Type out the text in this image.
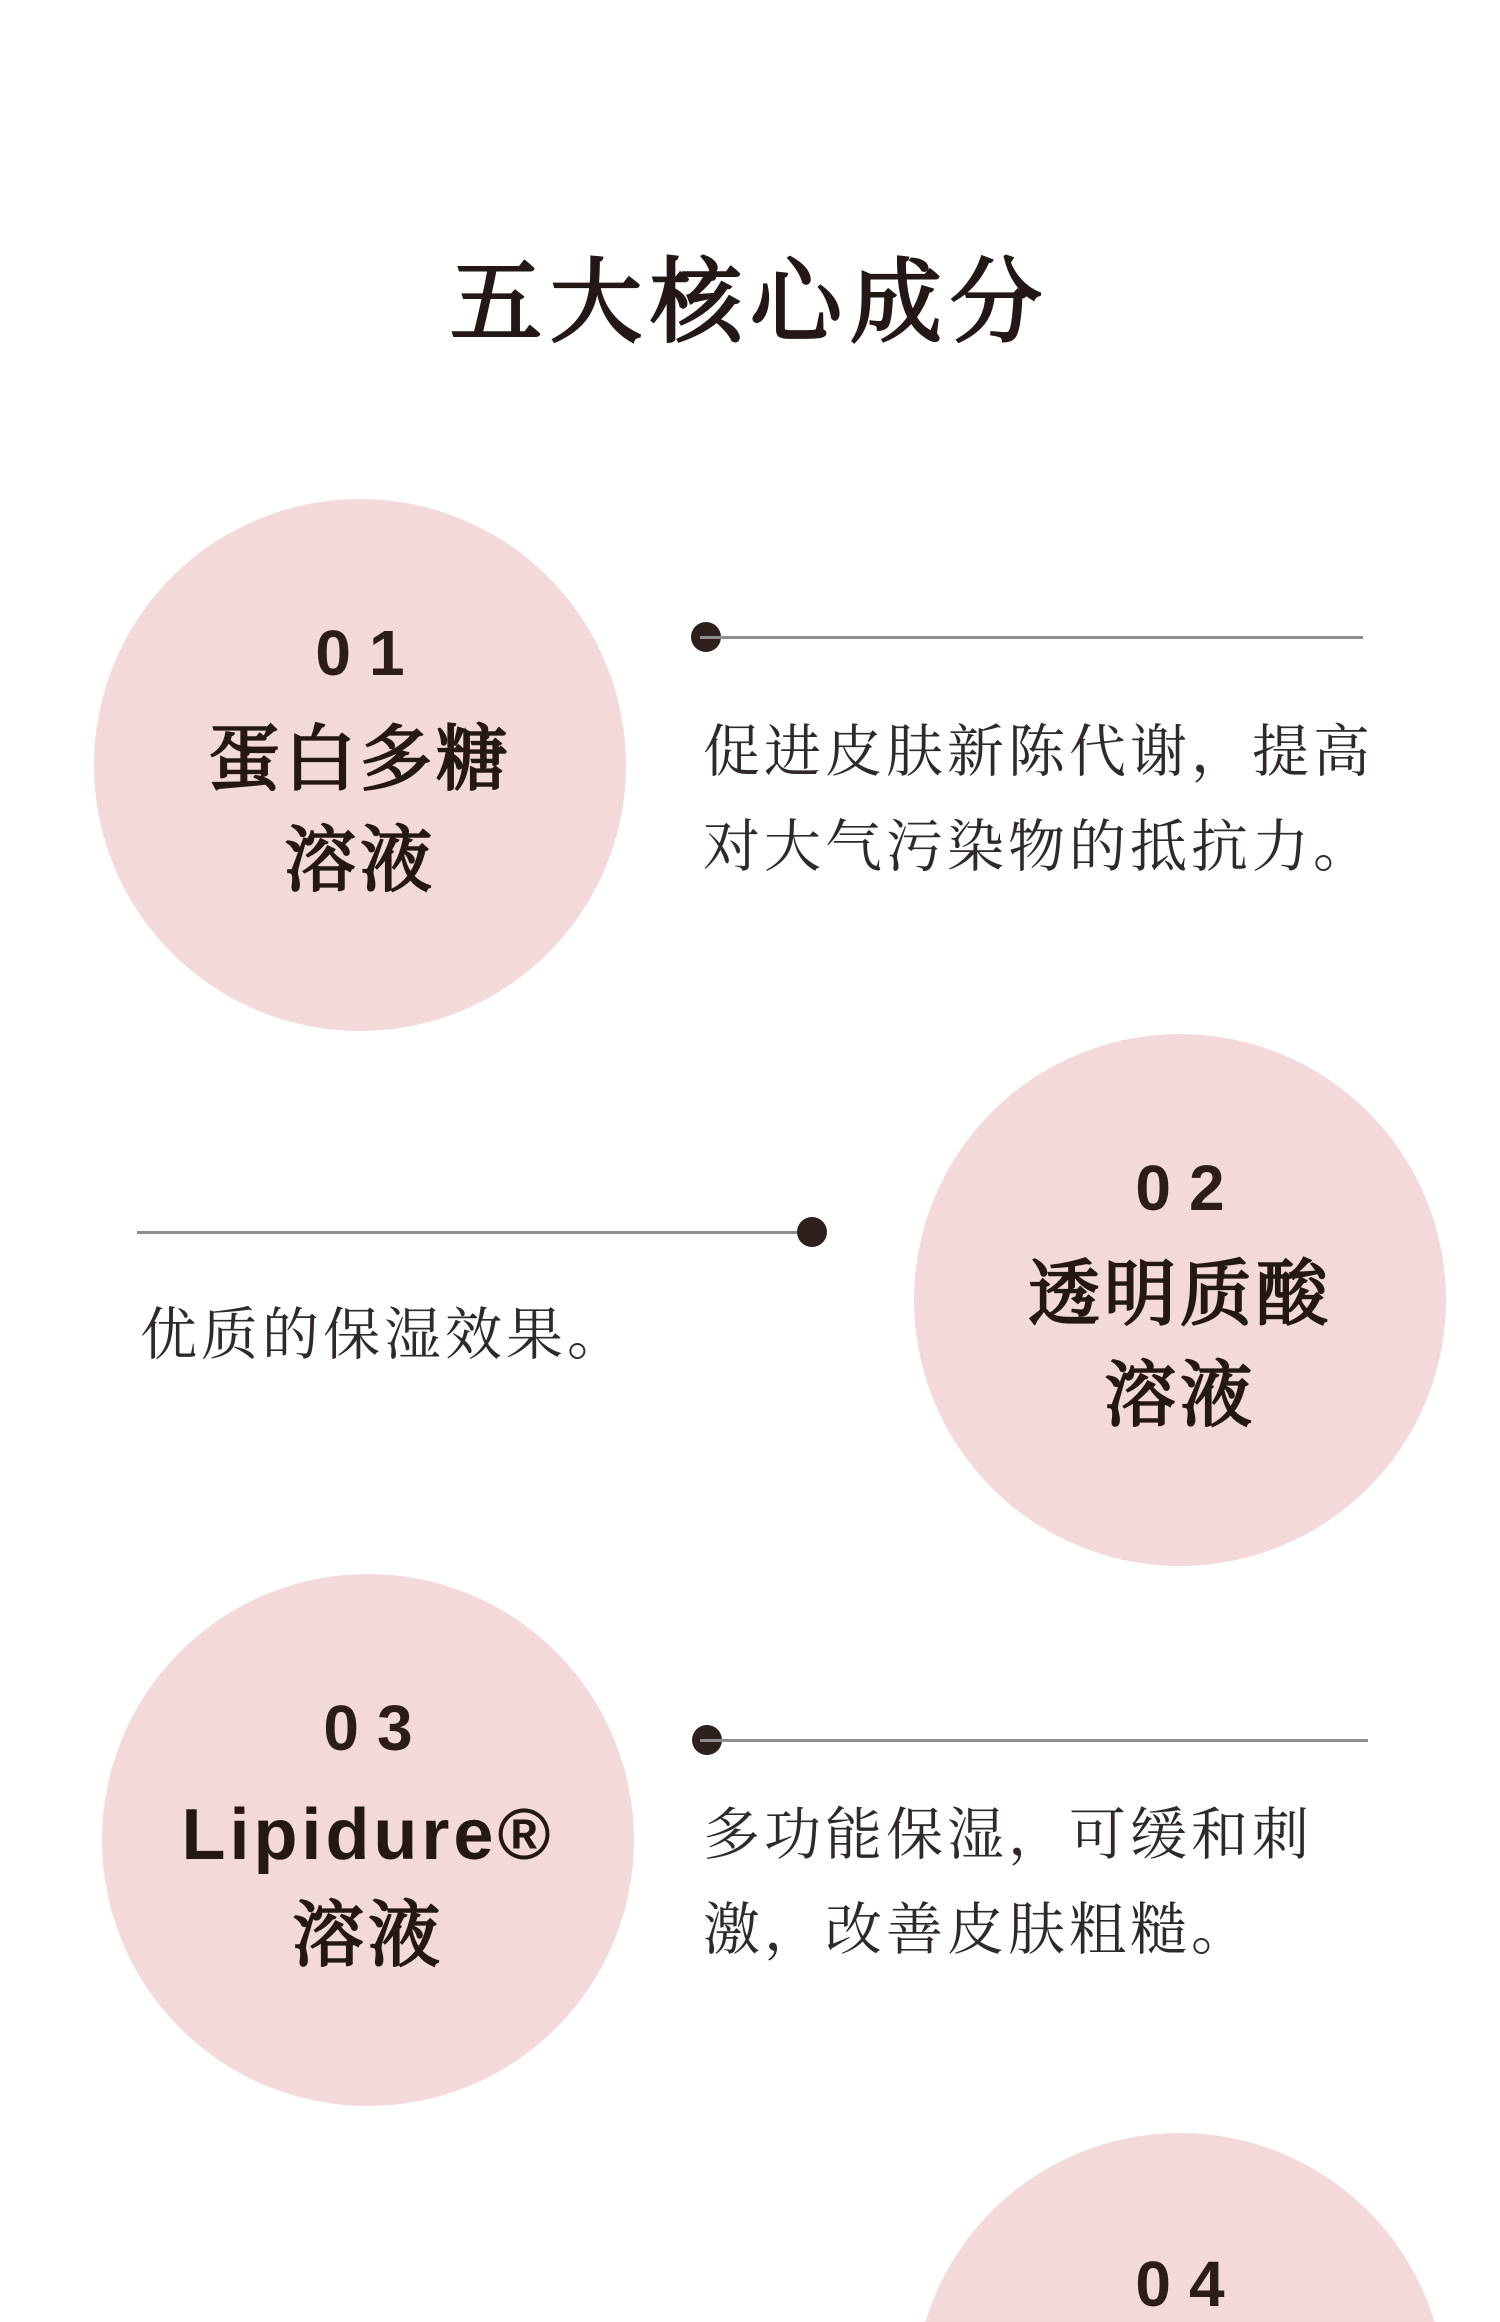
五大核心成分
01
蛋白多糖
溶液
促进皮肤新陈代谢，提高
对大气污染物的抵抗力。
02
透明质酸
溶液
优质的保湿效果。
03
Lipidure®
溶液
多功能保湿，可缓和刺
激，改善皮肤粗糙。
04
